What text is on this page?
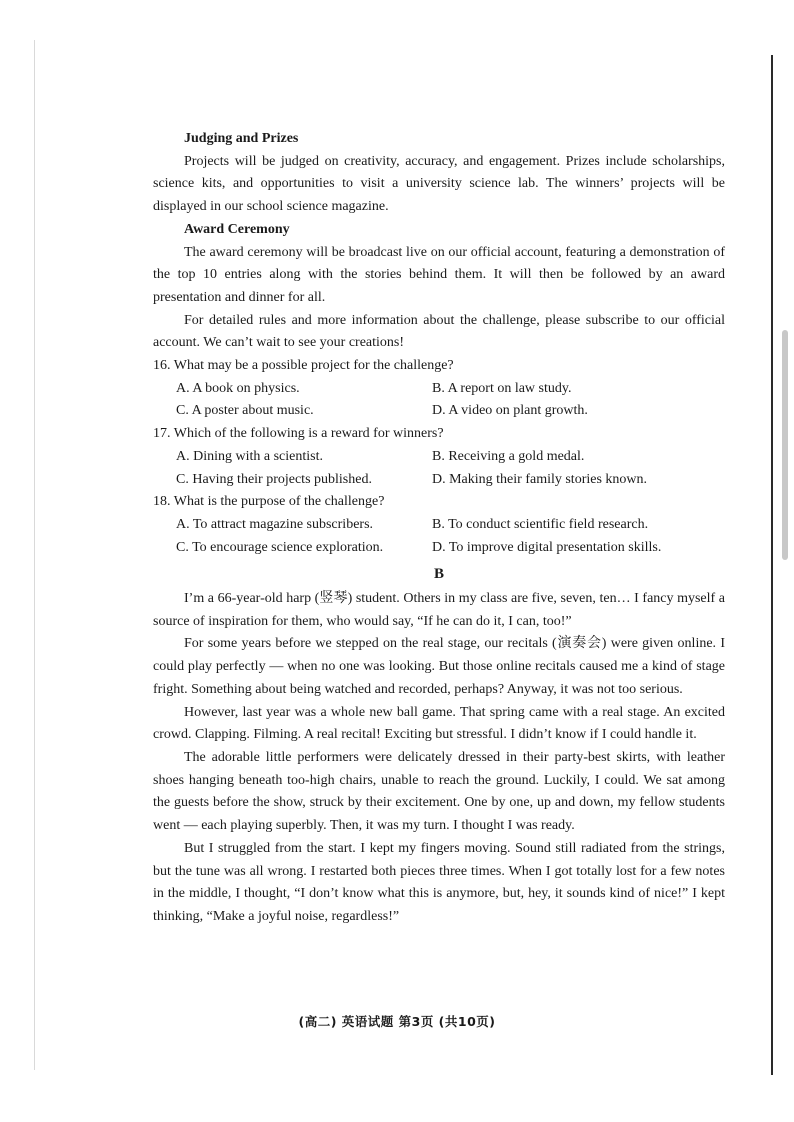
Judging and Prizes

Projects will be judged on creativity, accuracy, and engagement. Prizes include scholarships, science kits, and opportunities to visit a university science lab. The winners’ projects will be displayed in our school science magazine.

Award Ceremony

The award ceremony will be broadcast live on our official account, featuring a demonstration of the top 10 entries along with the stories behind them. It will then be followed by an award presentation and dinner for all.

For detailed rules and more information about the challenge, please subscribe to our official account. We can’t wait to see your creations!

16. What may be a possible project for the challenge?

A. A book on physics.	B. A report on law study.
C. A poster about music.	D. A video on plant growth.

17. Which of the following is a reward for winners?

A. Dining with a scientist.	B. Receiving a gold medal.
C. Having their projects published.	D. Making their family stories known.

18. What is the purpose of the challenge?

A. To attract magazine subscribers.	B. To conduct scientific field research.
C. To encourage science exploration.	D. To improve digital presentation skills.
B

I’m a 66-year-old harp (竖琴) student. Others in my class are five, seven, ten… I fancy myself a source of inspiration for them, who would say, “If he can do it, I can, too!”

For some years before we stepped on the real stage, our recitals (演奏会) were given online. I could play perfectly — when no one was looking. But those online recitals caused me a kind of stage fright. Something about being watched and recorded, perhaps? Anyway, it was not too serious.

However, last year was a whole new ball game. That spring came with a real stage. An excited crowd. Clapping. Filming. A real recital! Exciting but stressful. I didn’t know if I could handle it.

The adorable little performers were delicately dressed in their party-best skirts, with leather shoes hanging beneath too-high chairs, unable to reach the ground. Luckily, I could. We sat among the guests before the show, struck by their excitement. One by one, up and down, my fellow students went — each playing superbly. Then, it was my turn. I thought I was ready.

But I struggled from the start. I kept my fingers moving. Sound still radiated from the strings, but the tune was all wrong. I restarted both pieces three times. When I got totally lost for a few notes in the middle, I thought, “I don’t know what this is anymore, but, hey, it sounds kind of nice!” I kept thinking, “Make a joyful noise, regardless!”

(高二) 英语试题 第3页 (共10页)
